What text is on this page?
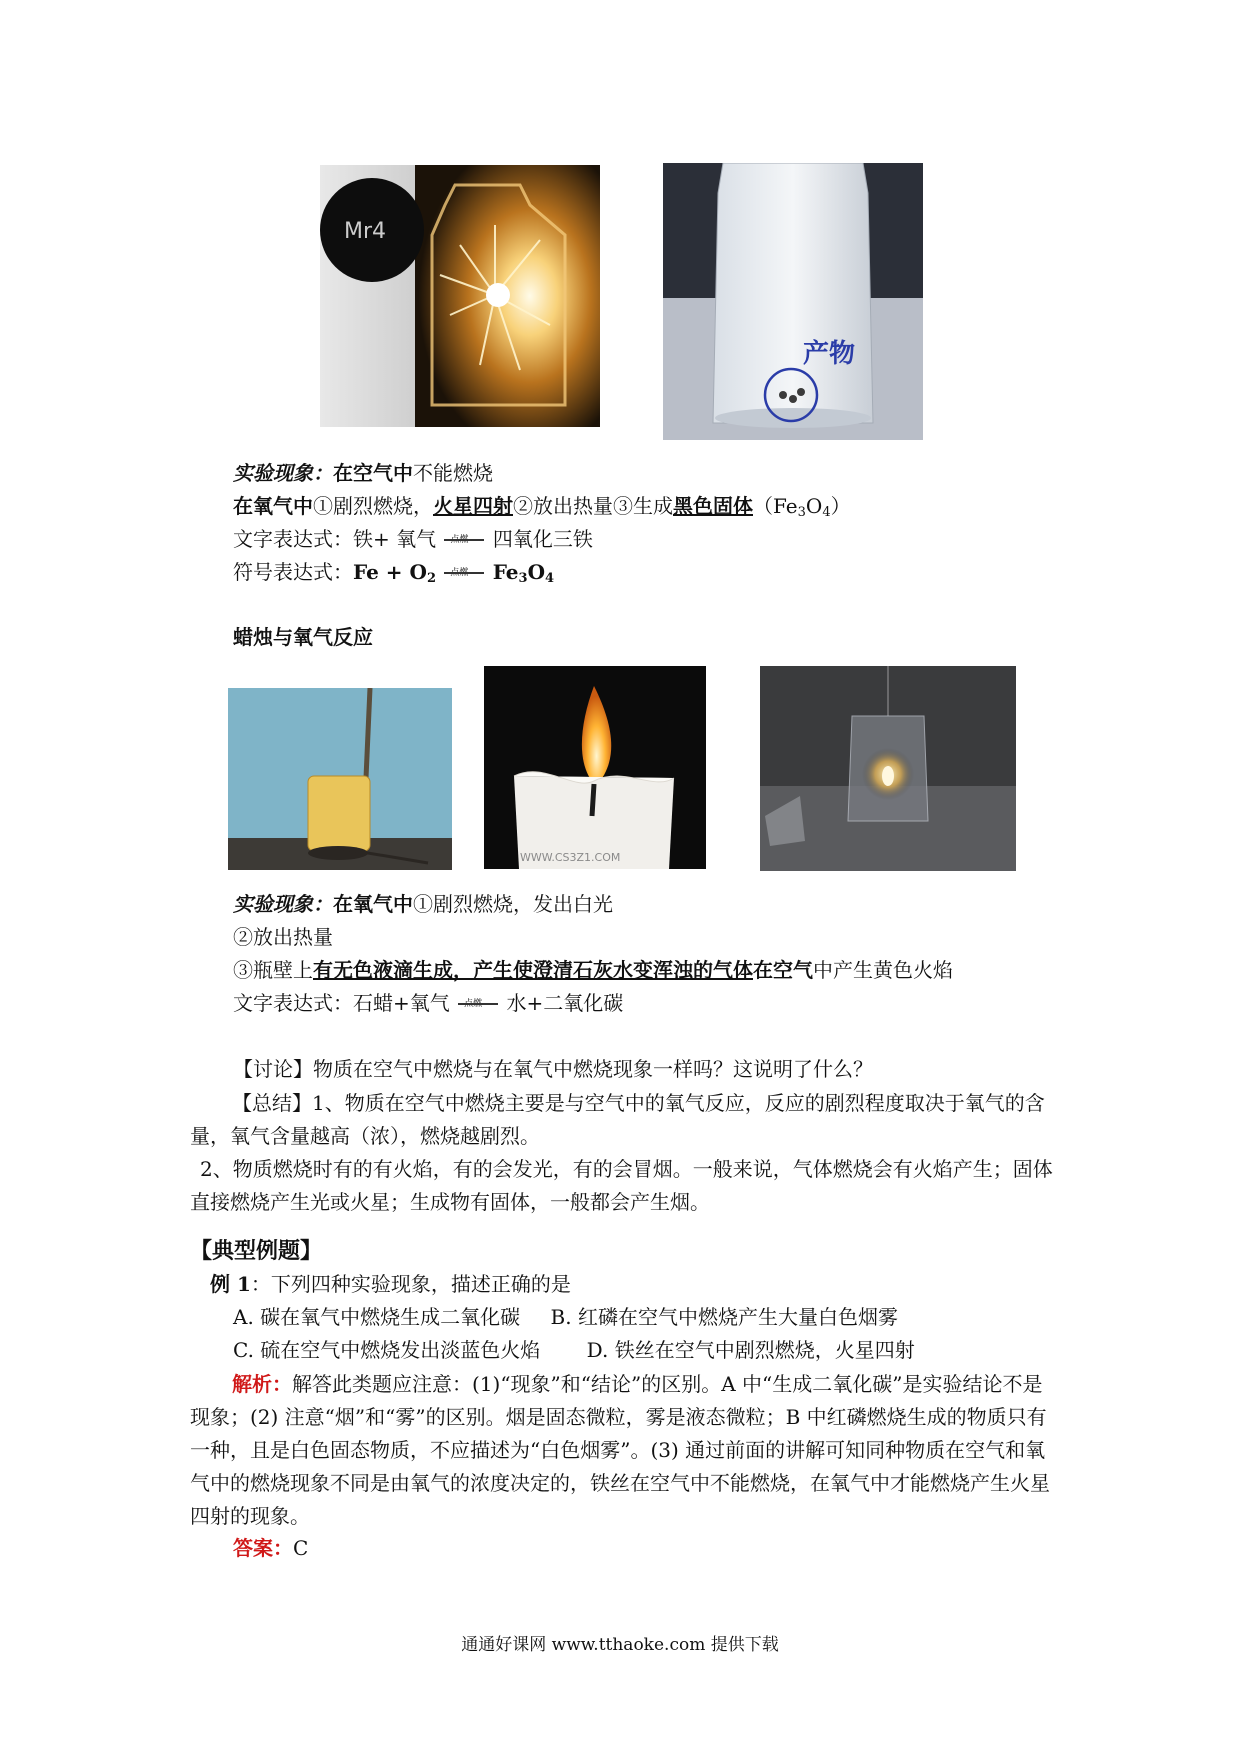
Mr4
产物
实验现象：在空气中不能燃烧
在氧气中①剧烈燃烧，火星四射②放出热量③生成黑色固体$(Fe_3O_4)$
文字表达式：铁+ 氧气	四氧化三铁
符号表达式：$Fe + O_2$	$Fe_3O_4$
蜡烛与氧气反应
WWW.CS3Z1.COM
实验现象：在氧气中①剧烈燃烧，发出白光
②放出热量
③瓶壁上有无色液滴生成，产生使澄清石灰水变浑浊的气体在空气中产生黄色火焰
文字表达式：石蜡+氧气	水+二氧化碳
【讨论】物质在空气中燃烧与在氧气中燃烧现象一样吗？这说明了什么？
【总结】1、物质在空气中燃烧主要是与空气中的氧气反应，反应的剧烈程度取决于氧气的含量，氧气含量越高（浓），燃烧越剧烈。
2、物质燃烧时有的有火焰，有的会发光，有的会冒烟。一般来说，气体燃烧会有火焰产生；固体直接燃烧产生光或火星；生成物有固体，一般都会产生烟。
【典型例题】
例 1：下列四种实验现象，描述正确的是
A. 碳在氧气中燃烧生成二氧化碳 B. 红磷在空气中燃烧产生大量白色烟雾
C. 硫在空气中燃烧发出淡蓝色火焰 D. 铁丝在空气中剧烈燃烧，火星四射
解析：解答此类题应注意：(1)“现象”和“结论”的区别。A 中“生成二氧化碳”是实验结论不是现象；(2) 注意“烟”和“雾”的区别。烟是固态微粒，雾是液态微粒；B 中红磷燃烧生成的物质只有一种，且是白色固态物质，不应描述为“白色烟雾”。(3) 通过前面的讲解可知同种物质在空气和氧气中的燃烧现象不同是由氧气的浓度决定的，铁丝在空气中不能燃烧，在氧气中才能燃烧产生火星四射的现象。
答案：C
通通好课网 www.tthaoke.com 提供下载
